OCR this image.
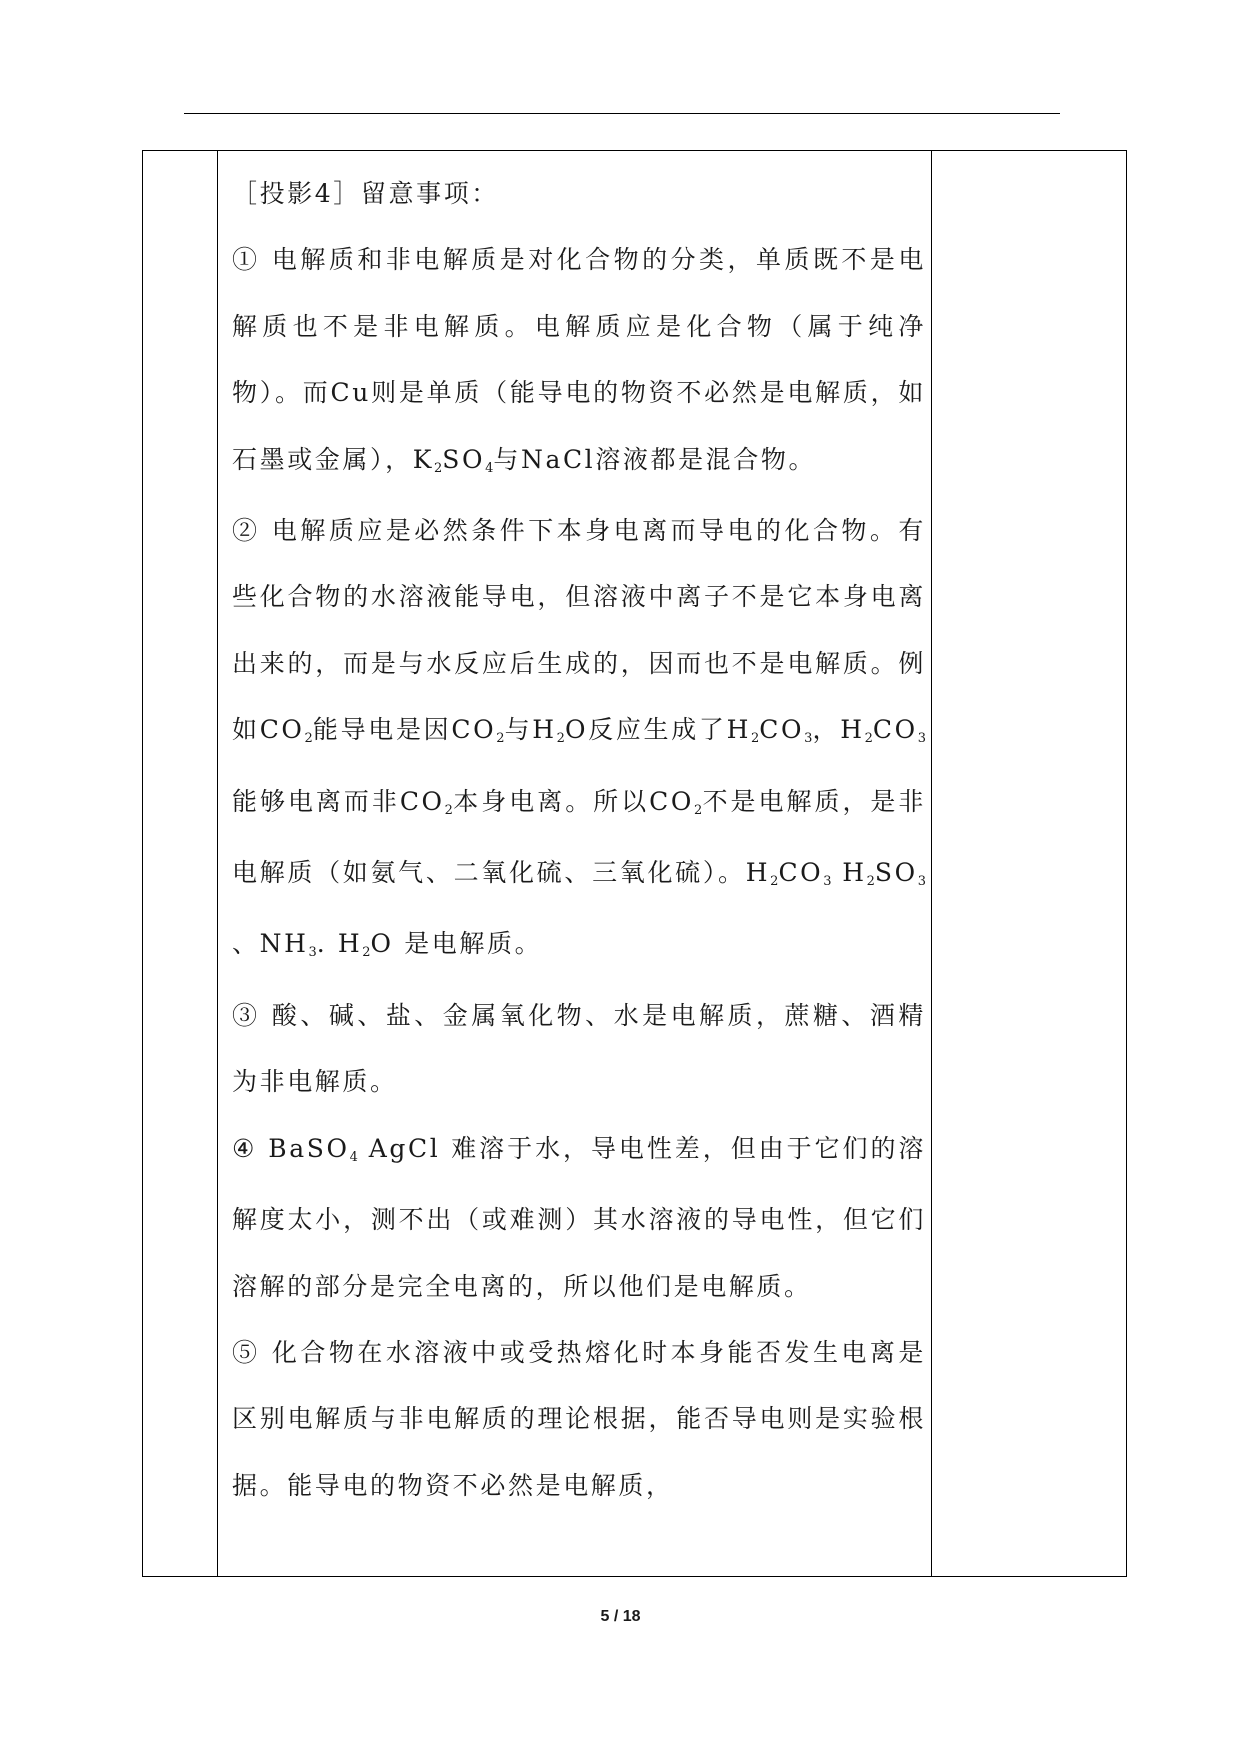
［投影4］留意事项：

① 电解质和非电解质是对化合物的分类，单质既不是电解质也不是非电解质。电解质应是化合物（属于纯净物）。而Cu则是单质（能导电的物资不必然是电解质，如石墨或金属），$K_2SO_4$与NaCl溶液都是混合物。

② 电解质应是必然条件下本身电离而导电的化合物。有些化合物的水溶液能导电，但溶液中离子不是它本身电离出来的，而是与水反应后生成的，因而也不是电解质。例如$CO_2$能导电是因$CO_2$与$H_2O$反应生成了$H_2CO_3$，$H_2CO_3$能够电离而非$CO_2$本身电离。所以$CO_2$不是电解质，是非电解质（如氨气、二氧化硫、三氧化硫）。$H_2CO_3$ $H_2SO_3$ 、$NH_3$. $H_2O$ 是电解质。

③ 酸、碱、盐、金属氧化物、水是电解质，蔗糖、酒精为非电解质。

④ BaSO$_4$ AgCl 难溶于水，导电性差，但由于它们的溶解度太小，测不出（或难测）其水溶液的导电性，但它们溶解的部分是完全电离的，所以他们是电解质。

⑤ 化合物在水溶液中或受热熔化时本身能否发生电离是区别电解质与非电解质的理论根据，能否导电则是实验根据。能导电的物资不必然是电解质，

5 / 18
